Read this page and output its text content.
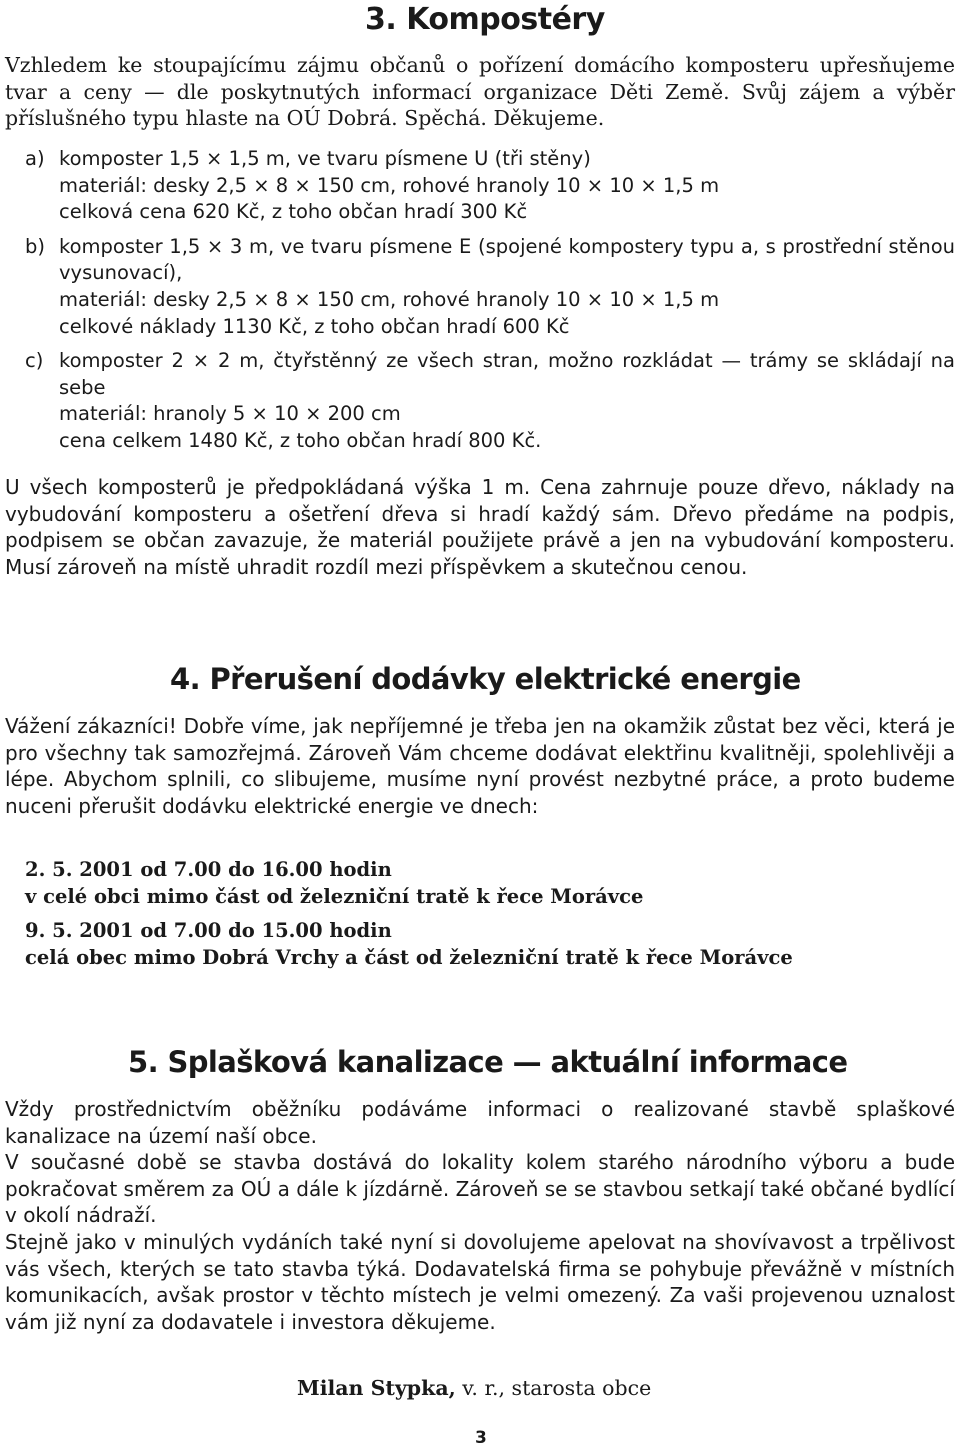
3. Kompostéry

Vzhledem ke stoupajícímu zájmu občanů o pořízení domácího komposteru upřesňujeme tvar a ceny — dle poskytnutých informací organizace Děti Země. Svůj zájem a výběr příslušného typu hlaste na OÚ Dobrá. Spěchá. Děkujeme.

a) komposter 1,5 × 1,5 m, ve tvaru písmene U (tři stěny)
materiál: desky 2,5 × 8 × 150 cm, rohové hranoly 10 × 10 × 1,5 m
celková cena 620 Kč, z toho občan hradí 300 Kč
b) komposter 1,5 × 3 m, ve tvaru písmene E (spojené kompostery typu a, s prostřední stěnou vysunovací),
materiál: desky 2,5 × 8 × 150 cm, rohové hranoly 10 × 10 × 1,5 m
celkové náklady 1130 Kč, z toho občan hradí 600 Kč
c) komposter 2 × 2 m, čtyřstěnný ze všech stran, možno rozkládat — trámy se skládají na sebe
materiál: hranoly 5 × 10 × 200 cm
cena celkem 1480 Kč, z toho občan hradí 800 Kč.

U všech komposterů je předpokládaná výška 1 m. Cena zahrnuje pouze dřevo, náklady na vybudování komposteru a ošetření dřeva si hradí každý sám. Dřevo předáme na podpis, podpisem se občan zavazuje, že materiál použijete právě a jen na vybudování komposteru. Musí zároveň na místě uhradit rozdíl mezi příspěvkem a skutečnou cenou.

4. Přerušení dodávky elektrické energie

Vážení zákazníci! Dobře víme, jak nepříjemné je třeba jen na okamžik zůstat bez věci, která je pro všechny tak samozřejmá. Zároveň Vám chceme dodávat elektřinu kvalitněji, spolehlivěji a lépe. Abychom splnili, co slibujeme, musíme nyní provést nezbytné práce, a proto budeme nuceni přerušit dodávku elektrické energie ve dnech:

2. 5. 2001 od 7.00 do 16.00 hodin
v celé obci mimo část od železniční tratě k řece Morávce
9. 5. 2001 od 7.00 do 15.00 hodin
celá obec mimo Dobrá Vrchy a část od železniční tratě k řece Morávce
5. Splašková kanalizace — aktuální informace
Vždy prostřednictvím oběžníku podáváme informaci o realizované stavbě splaškové kanalizace na území naší obce.
V současné době se stavba dostává do lokality kolem starého národního výboru a bude pokračovat směrem za OÚ a dále k jízdárně. Zároveň se se stavbou setkají také občané bydlící v okolí nádraží.
Stejně jako v minulých vydáních také nyní si dovolujeme apelovat na shovívavost a trpělivost vás všech, kterých se tato stavba týká. Dodavatelská firma se pohybuje převážně v místních komunikacích, avšak prostor v těchto místech je velmi omezený. Za vaši projevenou uznalost vám již nyní za dodavatele i investora děkujeme.
Milan Stypka, v. r., starosta obce
3
